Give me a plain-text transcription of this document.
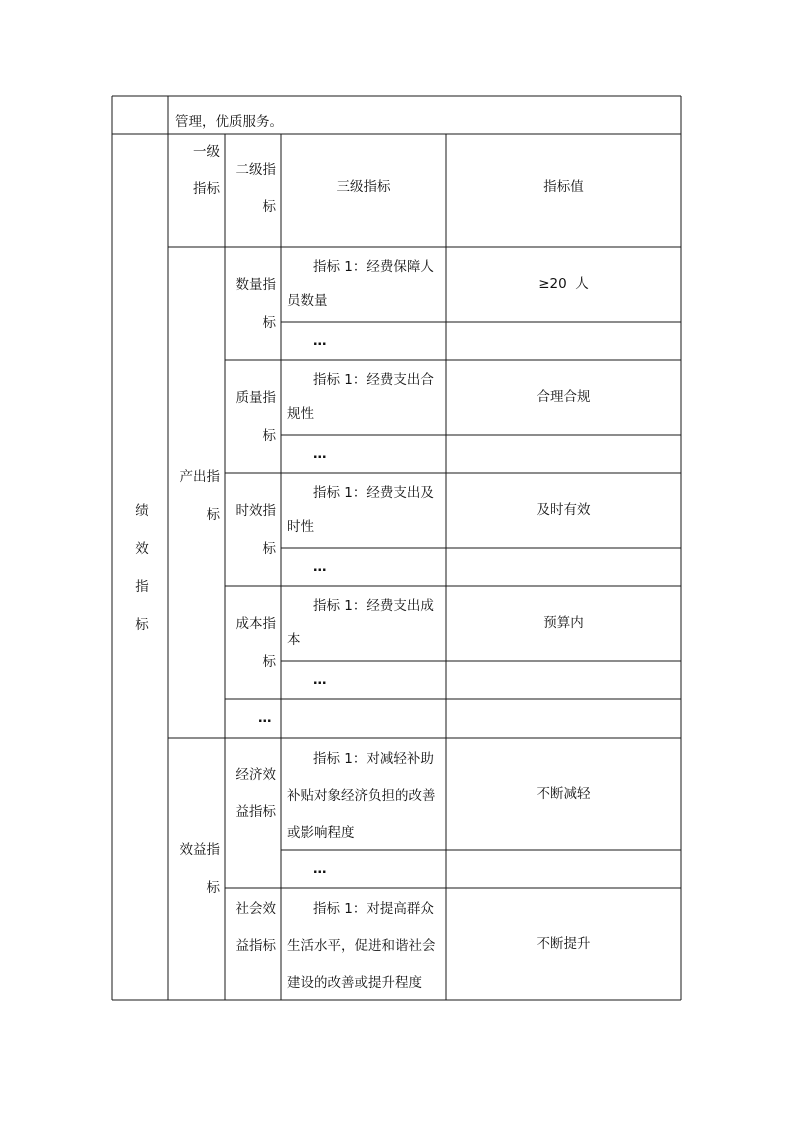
管理，优质服务。
绩效指标
一级指标
二级指标
三级指标	指标值
产出指标
数量指标
指标 1：经费保障人员数量
≥20  人
…
质量指标
指标 1：经费支出合规性
合理合规
…
时效指标
指标 1：经费支出及时性
及时有效
…
成本指标
指标 1：经费支出成本
预算内
…
…
效益指标
经济效益指标
指标 1：对减轻补助补贴对象经济负担的改善或影响程度
不断减轻
…
社会效益指标
指标 1：对提高群众生活水平，促进和谐社会建设的改善或提升程度
不断提升
